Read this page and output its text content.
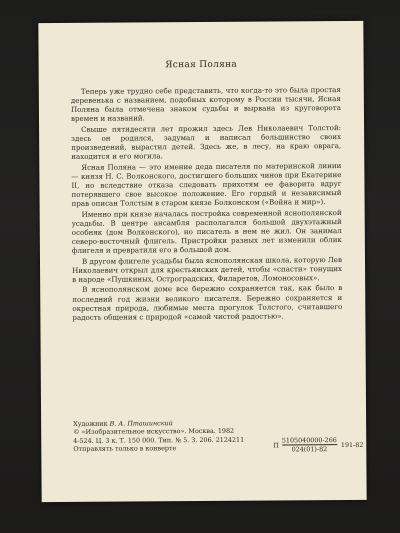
Ясная Поляна

Теперь уже трудно себе представить, что когда-то это была простая деревенька с названием, подобных которому в России тысячи, Ясная Поляна была отмечена знаком судьбы и вырвана из круговорота времен и названий.

Свыше пятидесяти лет прожил здесь Лев Николаевич Толстой: здесь он родился, задумал и написал большинство своих произведений, вырастил детей. Здесь же, в лесу, на краю оврага, находится и его могила.

Ясная Поляна — это имение деда писателя по материнской линии — князя Н. С. Волконского, достигшего больших чинов при Екатерине II, но вследствие отказа следовать прихотям ее фаворита вдруг потерявшего свое высокое положение. Его гордый и независимый прав описан Толстым в старом князе Болконском («Война и мир»).

Именно при князе началась постройка современной яснополянской усадьбы. В центре ансамбля располагался большой двухэтажный особняк (дом Волконского), но писатель в нем не жил. Он занимал северо-восточный флигель. Пристройки разных лет изменили облик флигеля и превратили его в большой дом.

В другом флигеле усадьбы была яснополянская школа, которую Лев Николаевич открыл для крестьянских детей, чтобы «спасти» тонущих в народе «Пушкиных, Остроградских, Филаретов, Ломоносовых».

В яснополянском доме все бережно сохраняется так, как было в последний год жизни великого писателя. Бережно сохраняется и окрестная природа, любимые места прогулок Толстого, считавшего радость общения с природой «самой чистой радостью».

Художник В. А. Пташинский
© «Изобразительное искусство». Москва. 1982
4-524. Ц. 3 к. Т. 150 000. Тип. № 5. З. 206. 2124211
Отправлять только в конверте	П $\frac{5105040000-266}{024(01)-82} 191-82$
